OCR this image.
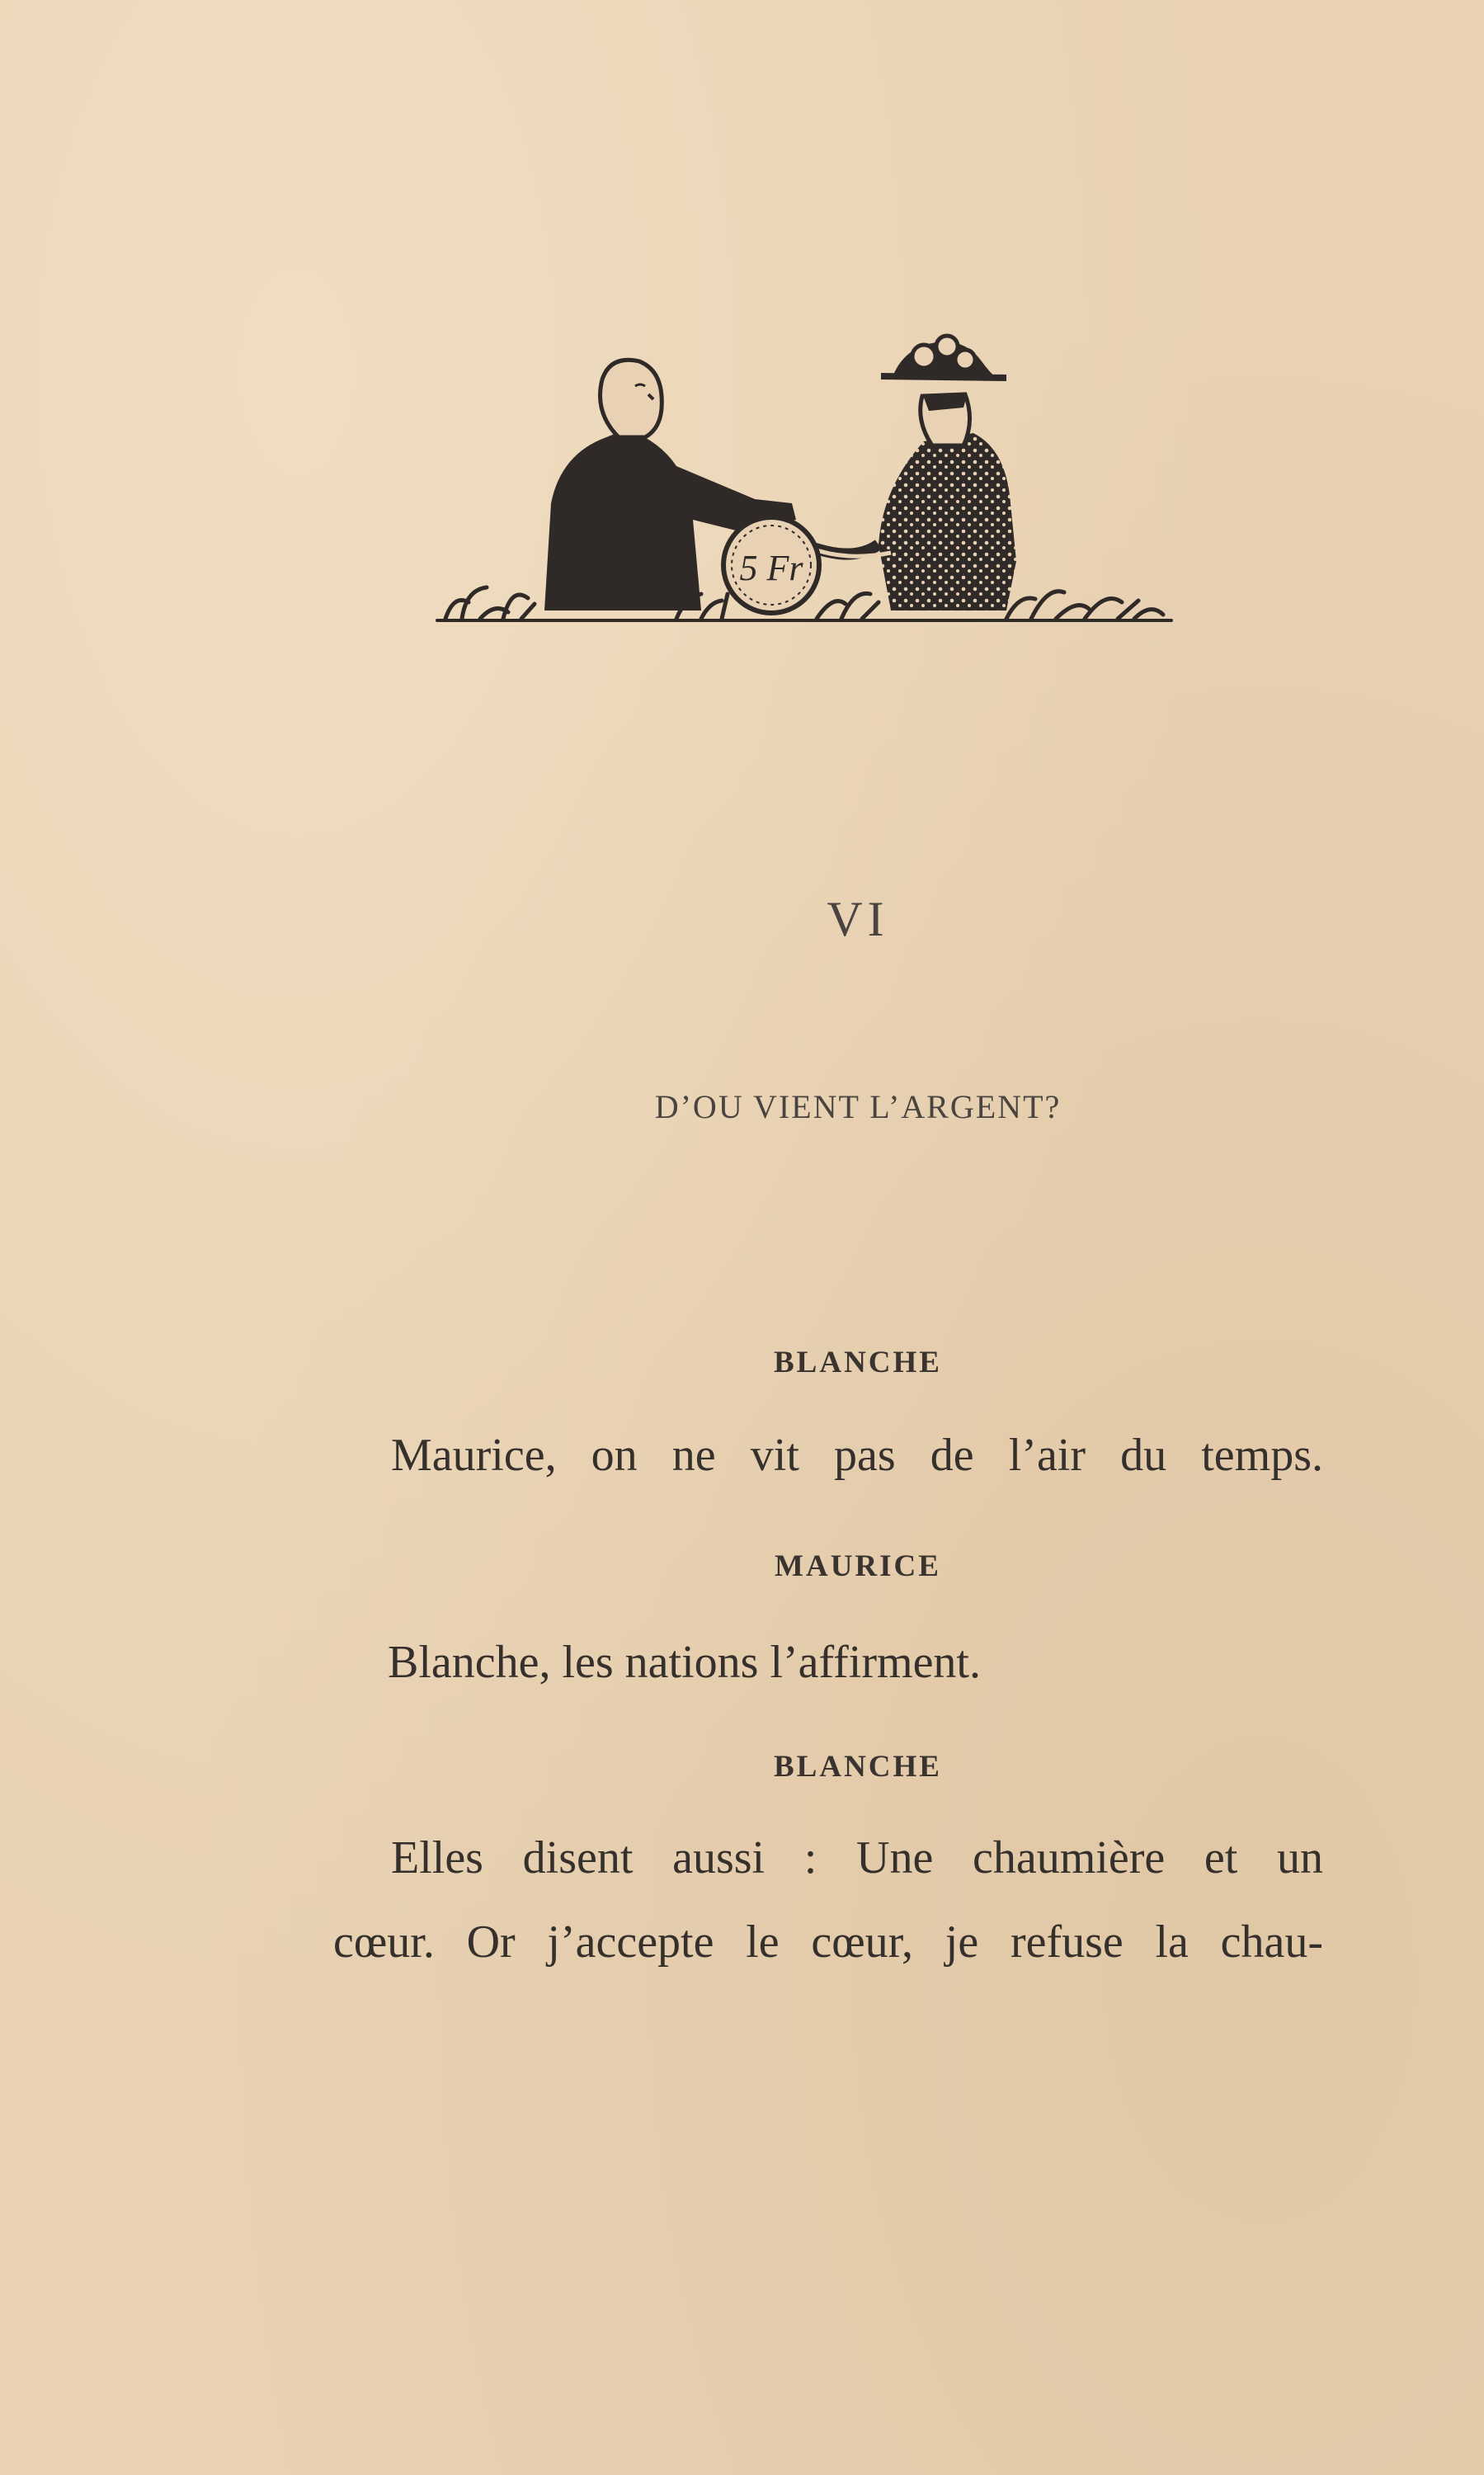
5 Fr
VI
D’OU VIENT L’ARGENT?
BLANCHE
Maurice, on ne vit pas de l’air du temps.
MAURICE
Blanche, les nations l’affirment.
BLANCHE
Elles disent aussi : Une chaumière et un
cœur. Or j’accepte le cœur, je refuse la chau-
